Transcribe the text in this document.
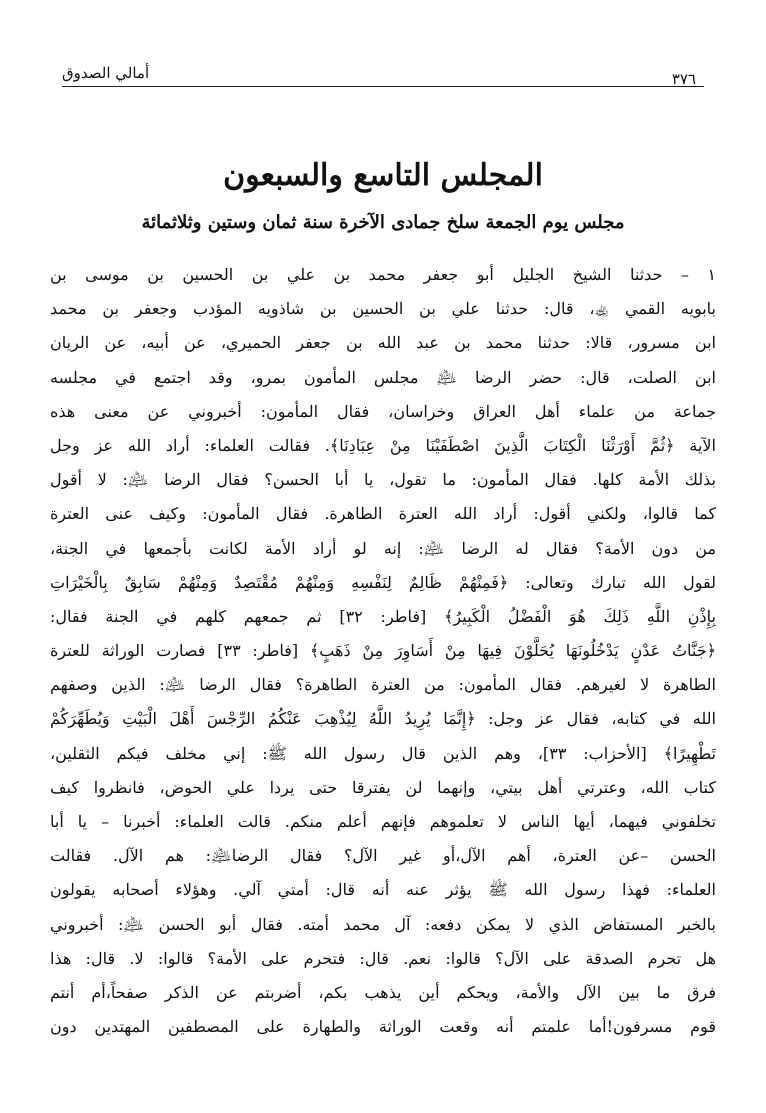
أمالي الصدوق	٣٧٦
المجلس التاسع والسبعون
مجلس يوم الجمعة سلخ جمادى الآخرة سنة ثمان وستين وثلاثمائة
١ – حدثنا الشيخ الجليل أبو جعفر محمد بن علي بن الحسين بن موسى بن
بابويه القمي ﵀، قال: حدثنا علي بن الحسين بن شاذويه المؤدب وجعفر بن محمد
ابن مسرور، قالا: حدثنا محمد بن عبد الله بن جعفر الحميري، عن أبيه، عن الريان
ابن الصلت، قال: حضر الرضا ﵇ مجلس المأمون بمرو، وقد اجتمع في مجلسه
جماعة من علماء أهل العراق وخراسان، فقال المأمون: أخبروني عن معنى هذه
الآية ﴿ثُمَّ أَوْرَثْنَا الْكِتَابَ الَّذِينَ اصْطَفَيْنَا مِنْ عِبَادِنَا﴾. فقالت العلماء: أراد الله عز وجل
بذلك الأمة كلها. فقال المأمون: ما تقول، يا أبا الحسن؟ فقال الرضا ﵇: لا أقول
كما قالوا، ولكني أقول: أراد الله العترة الطاهرة. فقال المأمون: وكيف عنى العترة
من دون الأمة؟ فقال له الرضا ﵇: إنه لو أراد الأمة لكانت بأجمعها في الجنة،
لقول الله تبارك وتعالى: ﴿فَمِنْهُمْ ظَالِمٌ لِنَفْسِهِ وَمِنْهُمْ مُقْتَصِدٌ وَمِنْهُمْ سَابِقٌ بِالْخَيْرَاتِ
بِإِذْنِ اللَّهِ ذَلِكَ هُوَ الْفَضْلُ الْكَبِيرُ﴾ [فاطر: ٣٢] ثم جمعهم كلهم في الجنة فقال:
﴿جَنَّاتُ عَدْنٍ يَدْخُلُونَهَا يُحَلَّوْنَ فِيهَا مِنْ أَسَاوِرَ مِنْ ذَهَبٍ﴾ [فاطر: ٣٣] فصارت الوراثة للعترة
الطاهرة لا لغيرهم. فقال المأمون: من العترة الطاهرة؟ فقال الرضا ﵇: الذين وصفهم
الله في كتابه، فقال عز وجل: ﴿إِنَّمَا يُرِيدُ اللَّهُ لِيُذْهِبَ عَنْكُمُ الرِّجْسَ أَهْلَ الْبَيْتِ وَيُطَهِّرَكُمْ
تَطْهِيرًا﴾ [الأحزاب: ٣٣]، وهم الذين قال رسول الله ﷺ: إني مخلف فيكم الثقلين،
كتاب الله، وعترتي أهل بيتي، وإنهما لن يفترقا حتى يردا علي الحوض، فانظروا كيف
تخلفوني فيهما، أيها الناس لا تعلموهم فإنهم أعلم منكم. قالت العلماء: أخبرنا – يا أبا
الحسن –عن العترة، أهم الآل،أو غير الآل؟ فقال الرضا﵇: هم الآل. فقالت
العلماء: فهذا رسول الله ﷺ يؤثر عنه أنه قال: أمتي آلي. وهؤلاء أصحابه يقولون
بالخبر المستفاض الذي لا يمكن دفعه: آل محمد أمته. فقال أبو الحسن ﵇: أخبروني
هل تحرم الصدقة على الآل؟ قالوا: نعم. قال: فتحرم على الأمة؟ قالوا: لا. قال: هذا
فرق ما بين الآل والأمة، ويحكم أين يذهب بكم، أضربتم عن الذكر صفحاً،أم أنتم
قوم مسرفون!أما علمتم أنه وقعت الوراثة والطهارة على المصطفين المهتدين دون
